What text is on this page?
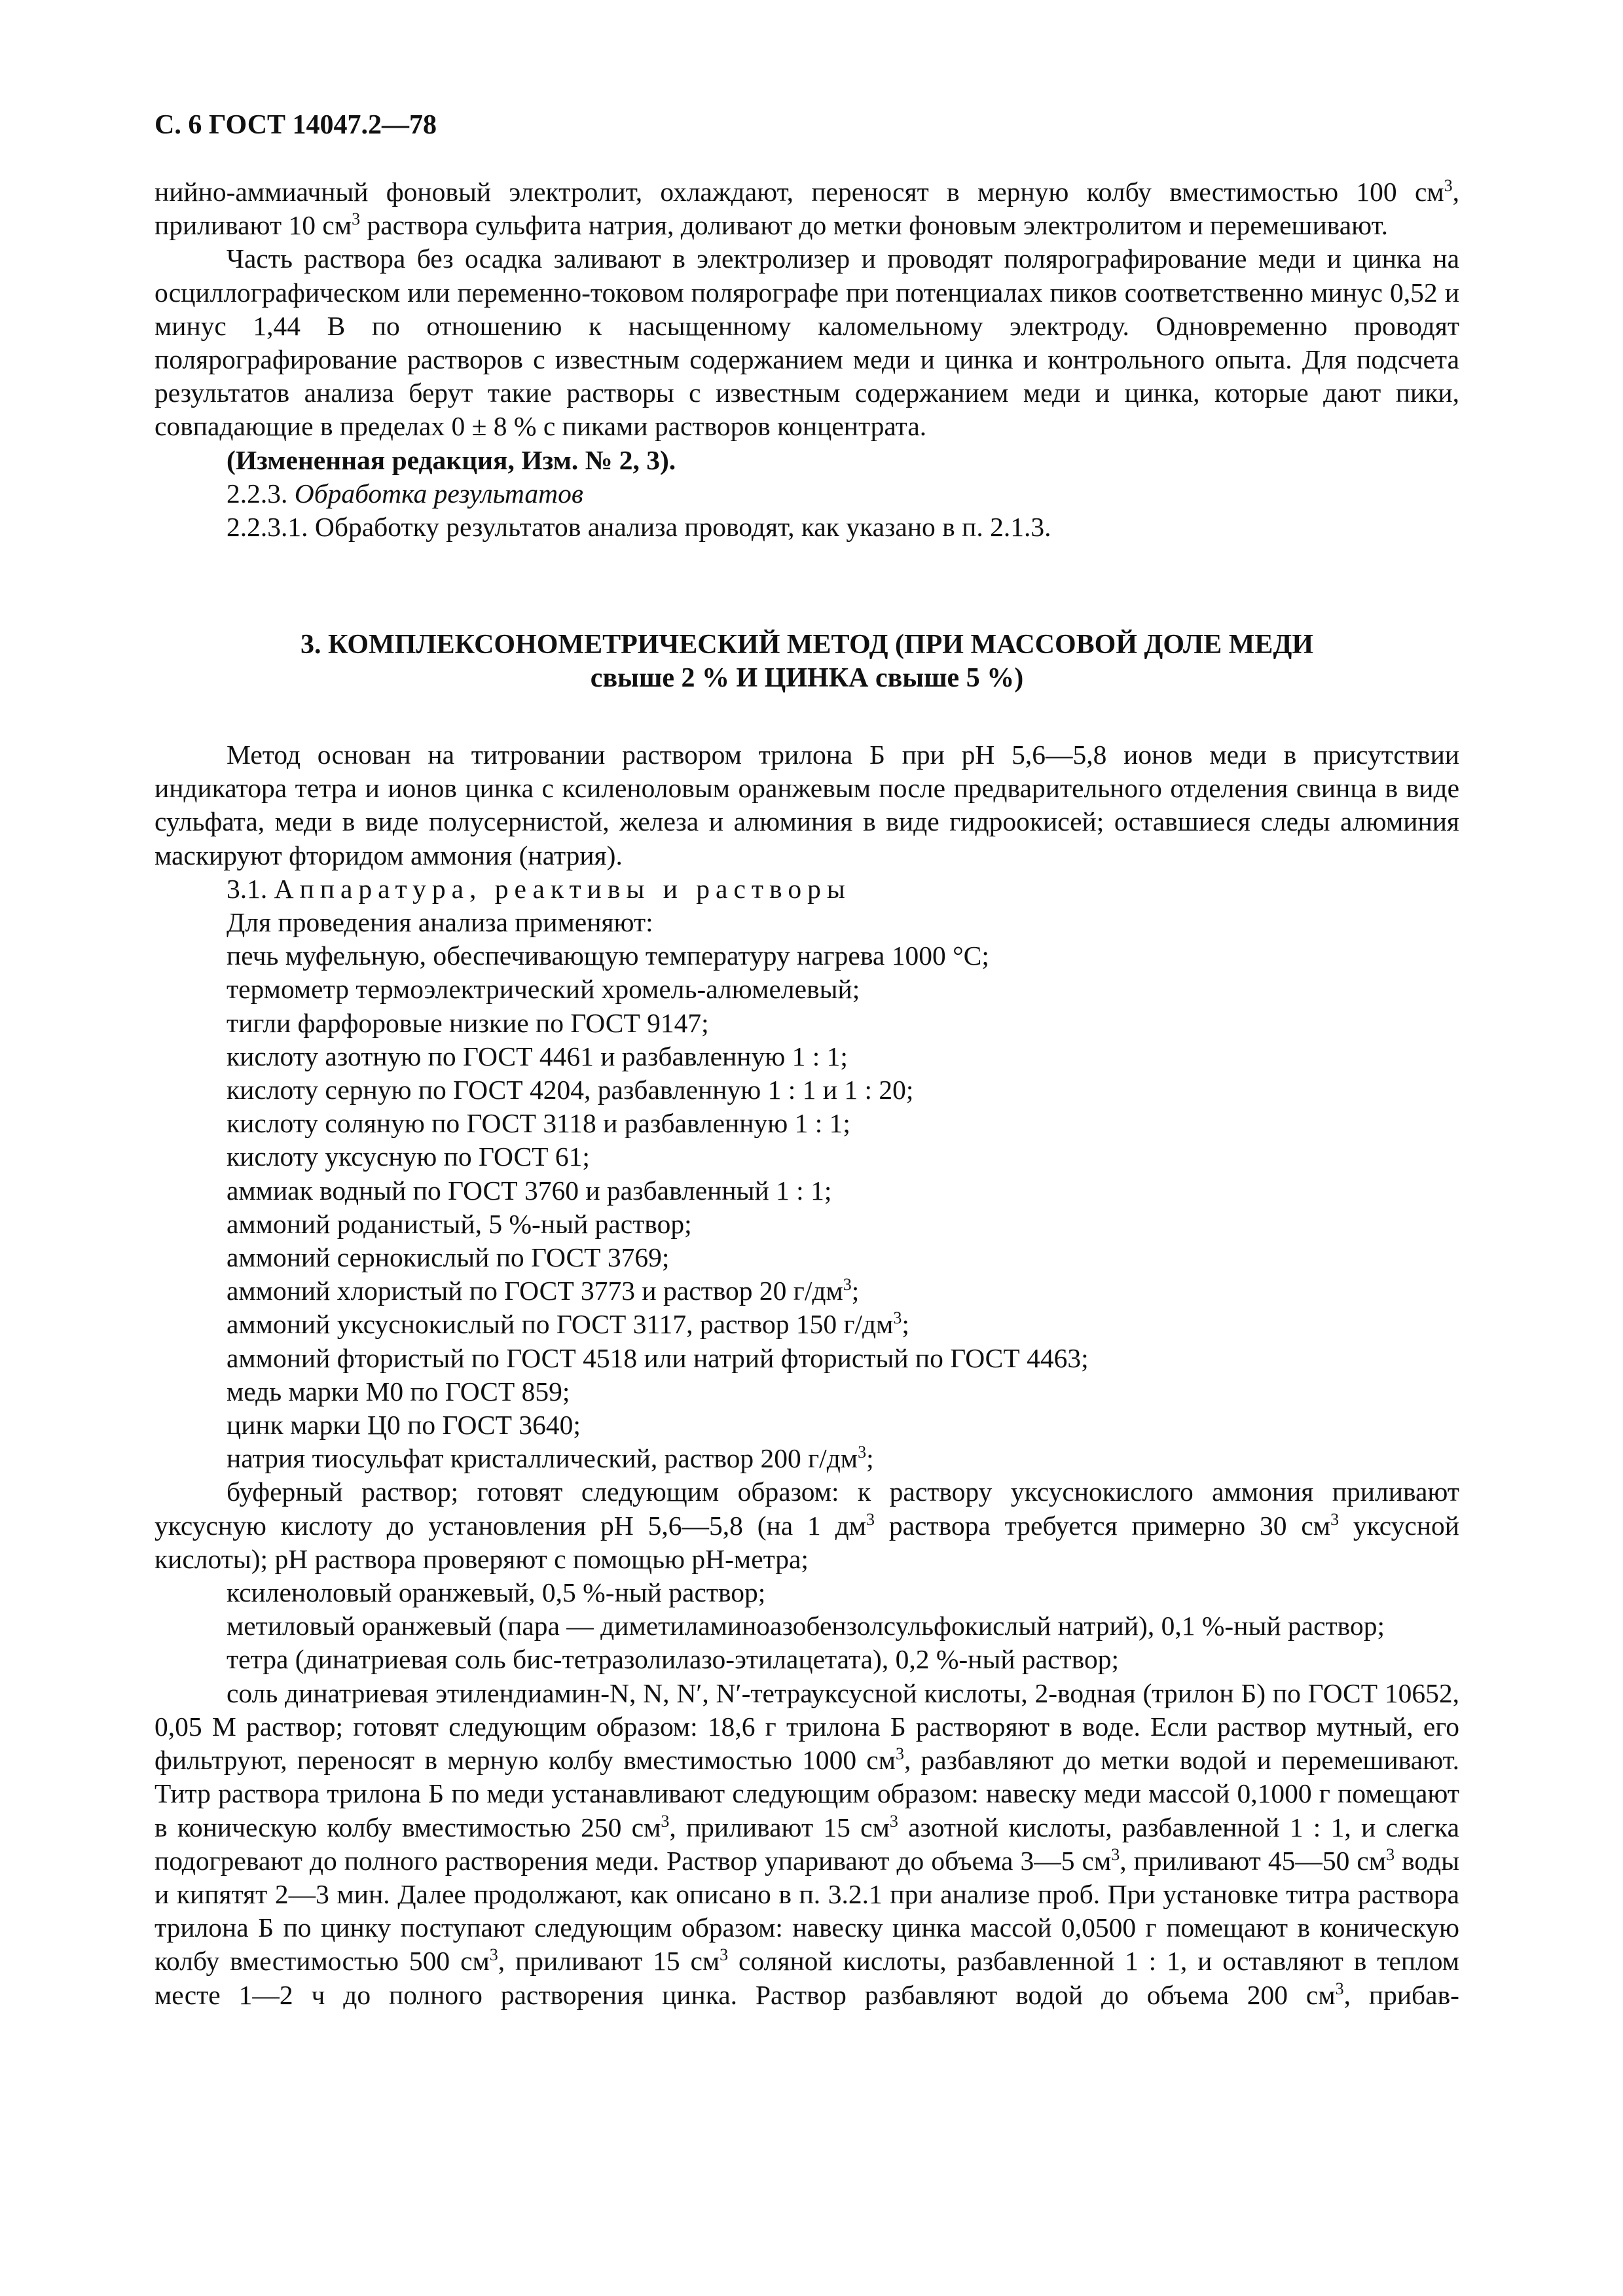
С. 6 ГОСТ 14047.2—78
нийно-аммиачный фоновый электролит, охлаждают, переносят в мерную колбу вместимостью 100 $см^3$, приливают 10 $см^3$ раствора сульфита натрия, доливают до метки фоновым электролитом и перемешивают.
Часть раствора без осадка заливают в электролизер и проводят полярографирование меди и цинка на осциллографическом или переменно-токовом полярографе при потенциалах пиков соответственно минус 0,52 и минус 1,44 В по отношению к насыщенному каломельному электроду. Одновременно проводят полярографирование растворов с известным содержанием меди и цинка и контрольного опыта. Для подсчета результатов анализа берут такие растворы с известным содержанием меди и цинка, которые дают пики, совпадающие в пределах 0 ± 8 % с пиками растворов концентрата.
(Измененная редакция, Изм. № 2, 3).
2.2.3. Обработка результатов
2.2.3.1. Обработку результатов анализа проводят, как указано в п. 2.1.3.
3. КОМПЛЕКСОНОМЕТРИЧЕСКИЙ МЕТОД (ПРИ МАССОВОЙ ДОЛЕ МЕДИ
свыше 2 % И ЦИНКА свыше 5 %)
Метод основан на титровании раствором трилона Б при рН 5,6—5,8 ионов меди в присутствии индикатора тетра и ионов цинка с ксиленоловым оранжевым после предварительного отделения свинца в виде сульфата, меди в виде полусернистой, железа и алюминия в виде гидроокисей; оставшиеся следы алюминия маскируют фторидом аммония (натрия).
3.1. Аппаратура, реактивы и растворы
Для проведения анализа применяют:
печь муфельную, обеспечивающую температуру нагрева 1000 °С;
термометр термоэлектрический хромель-алюмелевый;
тигли фарфоровые низкие по ГОСТ 9147;
кислоту азотную по ГОСТ 4461 и разбавленную 1 : 1;
кислоту серную по ГОСТ 4204, разбавленную 1 : 1 и 1 : 20;
кислоту соляную по ГОСТ 3118 и разбавленную 1 : 1;
кислоту уксусную по ГОСТ 61;
аммиак водный по ГОСТ 3760 и разбавленный 1 : 1;
аммоний роданистый, 5 %-ный раствор;
аммоний сернокислый по ГОСТ 3769;
аммоний хлористый по ГОСТ 3773 и раствор 20 $г/дм^3$;
аммоний уксуснокислый по ГОСТ 3117, раствор 150 $г/дм^3$;
аммоний фтористый по ГОСТ 4518 или натрий фтористый по ГОСТ 4463;
медь марки М0 по ГОСТ 859;
цинк марки Ц0 по ГОСТ 3640;
натрия тиосульфат кристаллический, раствор 200 $г/дм^3$;
буферный раствор; готовят следующим образом: к раствору уксуснокислого аммония приливают уксусную кислоту до установления рН 5,6—5,8 (на 1 $дм^3$ раствора требуется примерно 30 $см^3$ уксусной кислоты); рН раствора проверяют с помощью рН-метра;
ксиленоловый оранжевый, 0,5 %-ный раствор;
метиловый оранжевый (пара — диметиламиноазобензолсульфокислый натрий), 0,1 %-ный раствор;
тетра (динатриевая соль бис-тетразолилазо-этилацетата), 0,2 %-ный раствор;
соль динатриевая этилендиамин-N, N, N′, N′-тетрауксусной кислоты, 2-водная (трилон Б) по ГОСТ 10652, 0,05 М раствор; готовят следующим образом: 18,6 г трилона Б растворяют в воде. Если раствор мутный, его фильтруют, переносят в мерную колбу вместимостью 1000 $см^3$, разбавляют до метки водой и перемешивают. Титр раствора трилона Б по меди устанавливают следующим образом: навеску меди массой 0,1000 г помещают в коническую колбу вместимостью 250 $см^3$, приливают 15 $см^3$ азотной кислоты, разбавленной 1 : 1, и слегка подогревают до полного растворения меди. Раствор упаривают до объема 3—5 $см^3$, приливают 45—50 $см^3$ воды и кипятят 2—3 мин. Далее продолжают, как описано в п. 3.2.1 при анализе проб. При установке титра раствора трилона Б по цинку поступают следующим образом: навеску цинка массой 0,0500 г помещают в коническую колбу вместимостью 500 $см^3$, приливают 15 $см^3$ соляной кислоты, разбавленной 1 : 1, и оставляют в теплом месте 1—2 ч до полного растворения цинка. Раствор разбавляют водой до объема 200 $см^3$, прибав-
